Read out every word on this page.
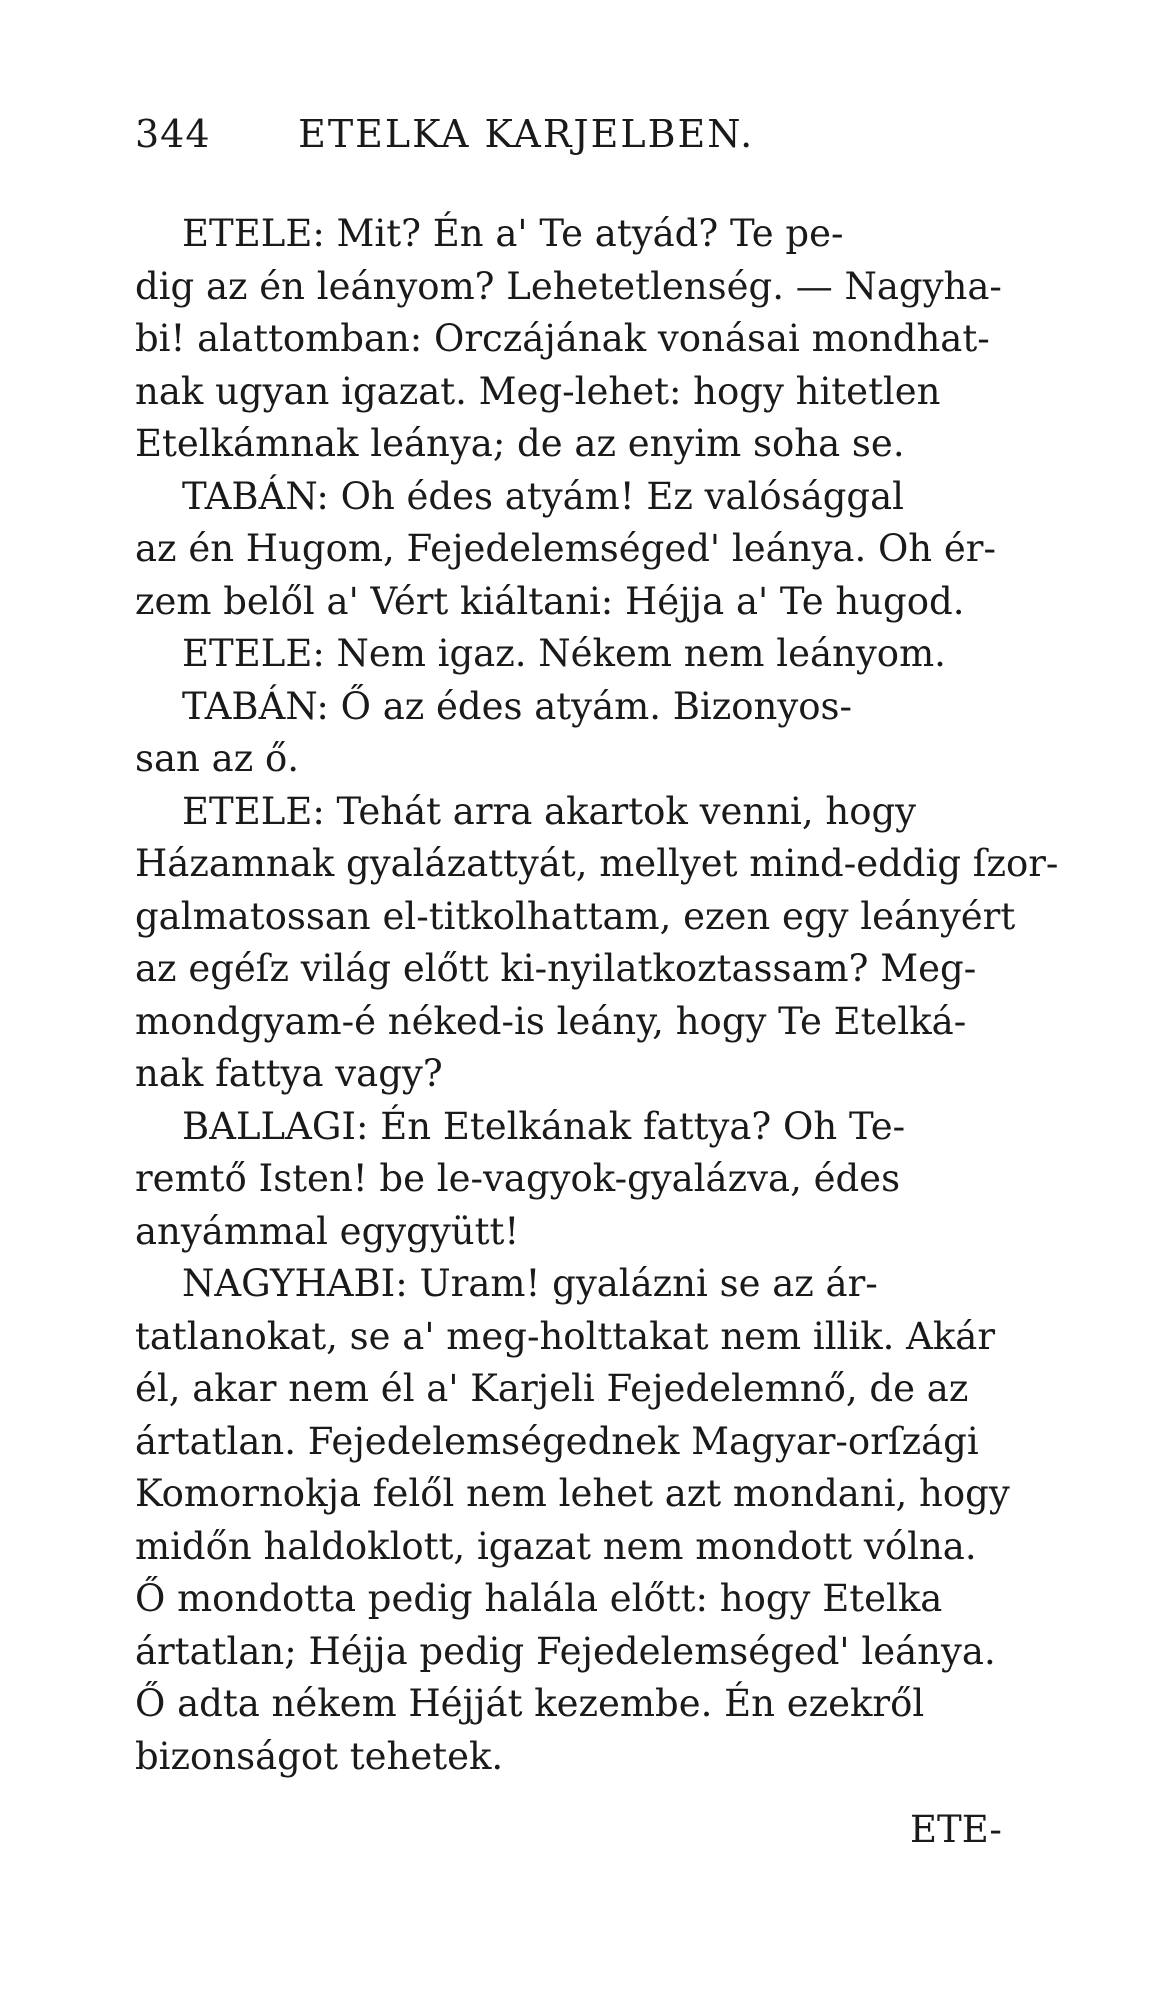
344 ETELKA KARJELBEN.
ETELE: Mit? Én a' Te atyád? Te pe-
dig az én leányom? Lehetetlenség. — Nagyha-
bi! alattomban: Orczájának vonásai mondhat-
nak ugyan igazat. Meg-lehet: hogy hitetlen
Etelkámnak leánya; de az enyim soha se.
TABÁN: Oh édes atyám! Ez valósággal
az én Hugom, Fejedelemséged' leánya. Oh ér-
zem belől a' Vért kiáltani: Héjja a' Te hugod.
ETELE: Nem igaz. Nékem nem leányom.
TABÁN: Ő az édes atyám. Bizonyos-
san az ő.
ETELE: Tehát arra akartok venni, hogy
Házamnak gyalázattyát, mellyet mind-eddig ſzor-
galmatossan el-titkolhattam, ezen egy leányért
az egéſz világ előtt ki-nyilatkoztassam? Meg-
mondgyam-é néked-is leány, hogy Te Etelká-
nak fattya vagy?
BALLAGI: Én Etelkának fattya? Oh Te-
remtő Isten! be le-vagyok-gyalázva, édes
anyámmal egygyütt!
NAGYHABI: Uram! gyalázni se az ár-
tatlanokat, se a' meg-holttakat nem illik. Akár
él, akar nem él a' Karjeli Fejedelemnő, de az
ártatlan. Fejedelemségednek Magyar-orſzági
Komornokja felől nem lehet azt mondani, hogy
midőn haldoklott, igazat nem mondott vólna.
Ő mondotta pedig halála előtt: hogy Etelka
ártatlan; Héjja pedig Fejedelemséged' leánya.
Ő adta nékem Héjját kezembe. Én ezekről
bizonságot tehetek.
ETE-
